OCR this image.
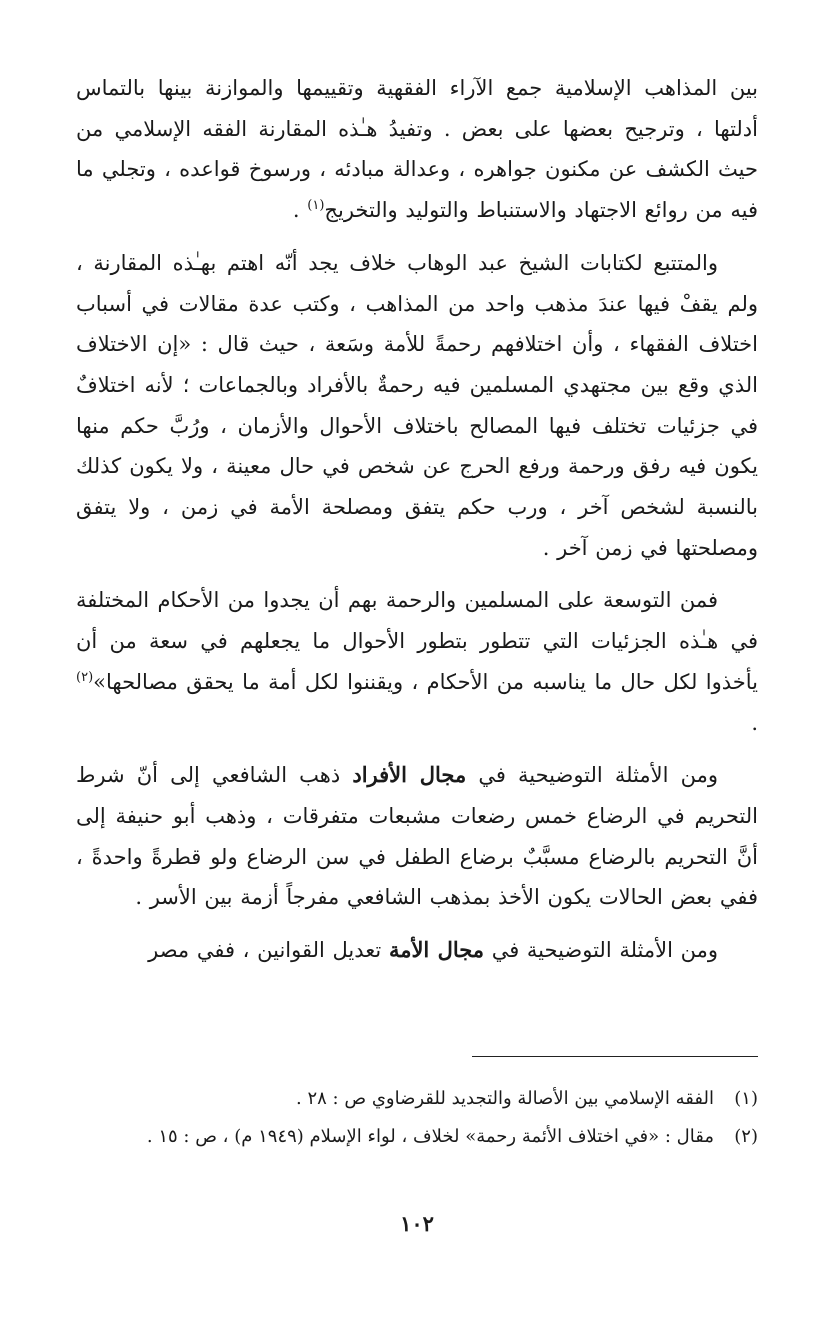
بين المذاهب الإسلامية جمع الآراء الفقهية وتقييمها والموازنة بينها بالتماس أدلتها ، وترجيح بعضها على بعض . وتفيدُ هـٰذه المقارنة الفقه الإسلامي من حيث الكشف عن مكنون جواهره ، وعدالة مبادئه ، ورسوخ قواعده ، وتجلي ما فيه من روائع الاجتهاد والاستنباط والتوليد والتخريج$^{(١)}$ .

والمتتبع لكتابات الشيخ عبد الوهاب خلاف يجد أنّه اهتم بهـٰذه المقارنة ، ولم يقفْ فيها عندَ مذهب واحد من المذاهب ، وكتب عدة مقالات في أسباب اختلاف الفقهاء ، وأن اختلافهم رحمةً للأمة وسَعة ، حيث قال : «إن الاختلاف الذي وقع بين مجتهدي المسلمين فيه رحمةٌ بالأفراد وبالجماعات ؛ لأنه اختلافٌ في جزئيات تختلف فيها المصالح باختلاف الأحوال والأزمان ، ورُبَّ حكم منها يكون فيه رفق ورحمة ورفع الحرج عن شخص في حال معينة ، ولا يكون كذلك بالنسبة لشخص آخر ، ورب حكم يتفق ومصلحة الأمة في زمن ، ولا يتفق ومصلحتها في زمن آخر .

فمن التوسعة على المسلمين والرحمة بهم أن يجدوا من الأحكام المختلفة في هـٰذه الجزئيات التي تتطور بتطور الأحوال ما يجعلهم في سعة من أن يأخذوا لكل حال ما يناسبه من الأحكام ، ويقننوا لكل أمة ما يحقق مصالحها»$^{(٢)}$ .

ومن الأمثلة التوضيحية في مجال الأفراد ذهب الشافعي إلى أنّ شرط التحريم في الرضاع خمس رضعات مشبعات متفرقات ، وذهب أبو حنيفة إلى أنَّ التحريم بالرضاع مسبَّبٌ برضاع الطفل في سن الرضاع ولو قطرةً واحدةً ، ففي بعض الحالات يكون الأخذ بمذهب الشافعي مفرجاً أزمة بين الأسر .

ومن الأمثلة التوضيحية في مجال الأمة تعديل القوانين ، ففي مصر

(١)
الفقه الإسلامي بين الأصالة والتجديد للقرضاوي ص : ٢٨ .
(٢)
مقال : «في اختلاف الأئمة رحمة» لخلاف ، لواء الإسلام (١٩٤٩ م) ، ص : ١٥ .
١٠٢
